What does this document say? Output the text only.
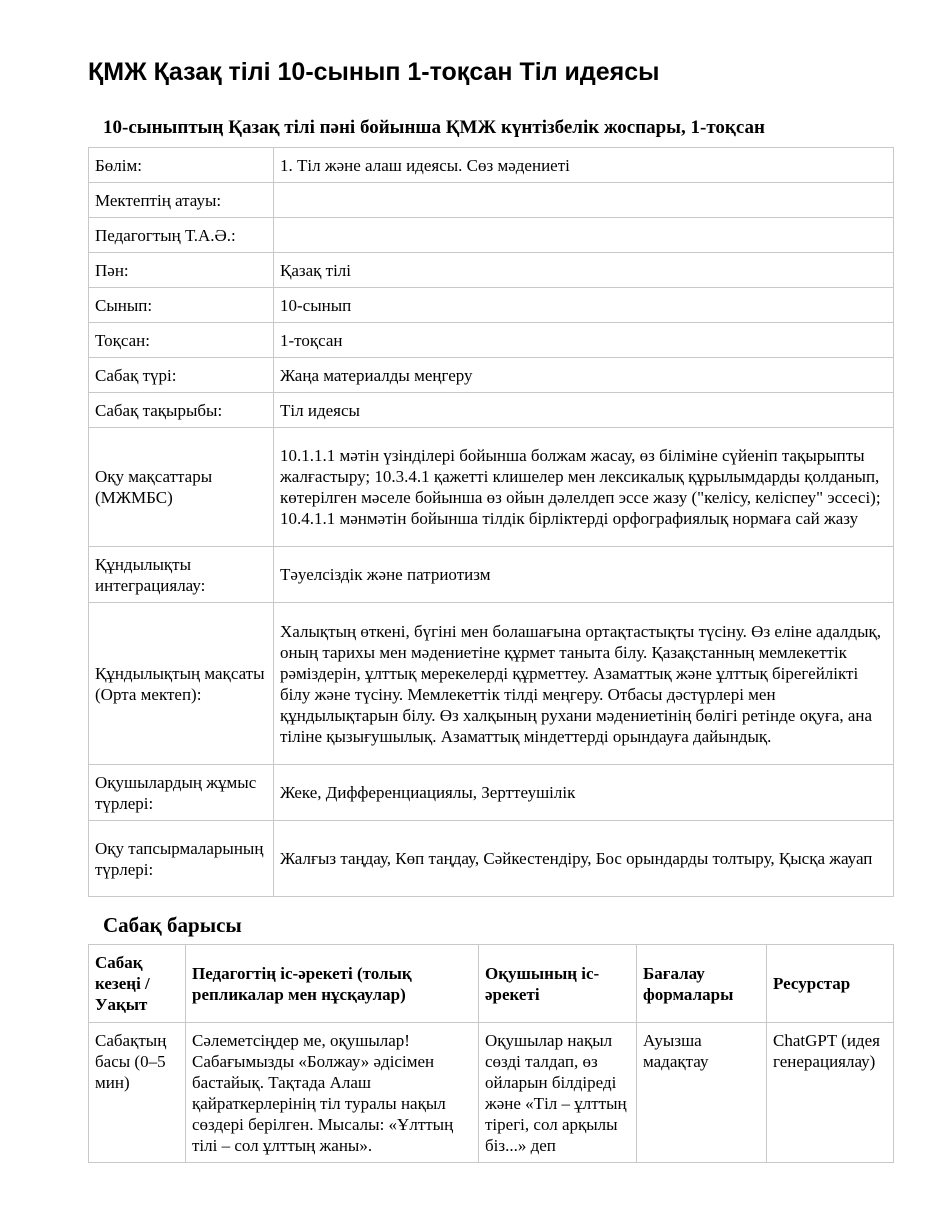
ҚМЖ Қазақ тілі 10-сынып 1-тоқсан Тіл идеясы
10-сыныптың Қазақ тілі пәні бойынша ҚМЖ күнтізбелік жоспары, 1-тоқсан
Бөлім:	1. Тіл және алаш идеясы. Сөз мәдениеті
Мектептің атауы:	
Педагогтың Т.А.Ә.:	
Пән:	Қазақ тілі
Сынып:	10-сынып
Тоқсан:	1-тоқсан
Сабақ түрі:	Жаңа материалды меңгеру
Сабақ тақырыбы:	Тіл идеясы
Оқу мақсаттары (МЖМБС)	10.1.1.1 мәтін үзінділері бойынша болжам жасау, өз біліміне сүйеніп тақырыпты жалғастыру; 10.3.4.1 қажетті клишелер мен лексикалық құрылымдарды қолданып, көтерілген мәселе бойынша өз ойын дәлелдеп эссе жазу ("келісу, келіспеу" эссесі); 10.4.1.1 мәнмәтін бойынша тілдік бірліктерді орфографиялық нормаға сай жазу
Құндылықты интеграциялау:	Тәуелсіздік және патриотизм
Құндылықтың мақсаты (Орта мектеп):	Халықтың өткені, бүгіні мен болашағына ортақтастықты түсіну. Өз еліне адалдық, оның тарихы мен мәдениетіне құрмет таныта білу. Қазақстанның мемлекеттік рәміздерін, ұлттық мерекелерді құрметтеу. Азаматтық және ұлттық бірегейлікті білу және түсіну. Мемлекеттік тілді меңгеру. Отбасы дәстүрлері мен құндылықтарын білу. Өз халқының рухани мәдениетінің бөлігі ретінде оқуға, ана тіліне қызығушылық. Азаматтық міндеттерді орындауға дайындық.
Оқушылардың жұмыс түрлері:	Жеке, Дифференциациялы, Зерттеушілік
Оқу тапсырмаларының түрлері:	Жалғыз таңдау, Көп таңдау, Сәйкестендіру, Бос орындарды толтыру, Қысқа жауап
Сабақ барысы
Сабақ кезеңі / Уақыт	Педагогтің іс-әрекеті (толық репликалар мен нұсқаулар)	Оқушының іс-әрекеті	Бағалау формалары	Ресурстар
Сабақтың басы (0–5 мин)	Сәлеметсіңдер ме, оқушылар! Сабағымызды «Болжау» әдісімен бастайық. Тақтада Алаш қайраткерлерінің тіл туралы нақыл сөздері берілген. Мысалы: «Ұлттың тілі – сол ұлттың жаны».	Оқушылар нақыл сөзді талдап, өз ойларын білдіреді және «Тіл – ұлттың тірегі, сол арқылы біз...» деп	Ауызша мадақтау	ChatGPT (идея генерациялау)
